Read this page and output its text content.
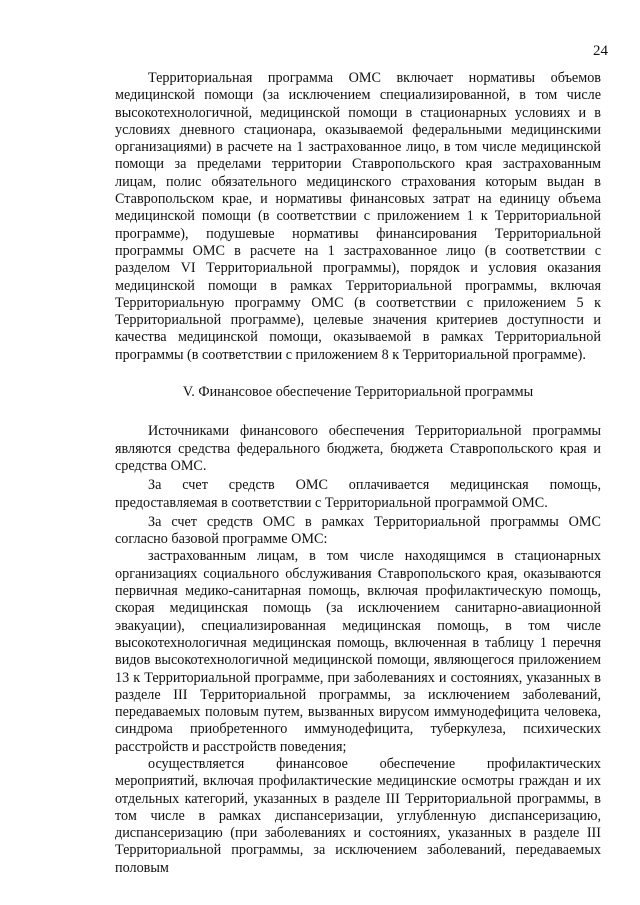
24

Территориальная программа ОМС включает нормативы объемов медицинской помощи (за исключением специализированной, в том числе высокотехнологичной, медицинской помощи в стационарных условиях и в условиях дневного стационара, оказываемой федеральными медицинскими организациями) в расчете на 1 застрахованное лицо, в том числе медицинской помощи за пределами территории Ставропольского края застрахованным лицам, полис обязательного медицинского страхования которым выдан в Ставропольском крае, и нормативы финансовых затрат на единицу объема медицинской помощи (в соответствии с приложением 1 к Территориальной программе), подушевые нормативы финансирования Территориальной программы ОМС в расчете на 1 застрахованное лицо (в соответствии с разделом VI Территориальной программы), порядок и условия оказания медицинской помощи в рамках Территориальной программы, включая Территориальную программу ОМС (в соответствии с приложением 5 к Территориальной программе), целевые значения критериев доступности и качества медицинской помощи, оказываемой в рамках Территориальной программы (в соответствии с приложением 8 к Территориальной программе).

V. Финансовое обеспечение Территориальной программы

Источниками финансового обеспечения Территориальной программы являются средства федерального бюджета, бюджета Ставропольского края и средства ОМС.

За счет средств ОМС оплачивается медицинская помощь, предоставляемая в соответствии с Территориальной программой ОМС.

За счет средств ОМС в рамках Территориальной программы ОМС согласно базовой программе ОМС:

застрахованным лицам, в том числе находящимся в стационарных организациях социального обслуживания Ставропольского края, оказываются первичная медико-санитарная помощь, включая профилактическую помощь, скорая медицинская помощь (за исключением санитарно-авиационной эвакуации), специализированная медицинская помощь, в том числе высокотехнологичная медицинская помощь, включенная в таблицу 1 перечня видов высокотехнологичной медицинской помощи, являющегося приложением 13 к Территориальной программе, при заболеваниях и состояниях, указанных в разделе III Территориальной программы, за исключением заболеваний, передаваемых половым путем, вызванных вирусом иммунодефицита человека, синдрома приобретенного иммунодефицита, туберкулеза, психических расстройств и расстройств поведения;

осуществляется финансовое обеспечение профилактических мероприятий, включая профилактические медицинские осмотры граждан и их отдельных категорий, указанных в разделе III Территориальной программы, в том числе в рамках диспансеризации, углубленную диспансеризацию, диспансеризацию (при заболеваниях и состояниях, указанных в разделе III Территориальной программы, за исключением заболеваний, передаваемых половым
